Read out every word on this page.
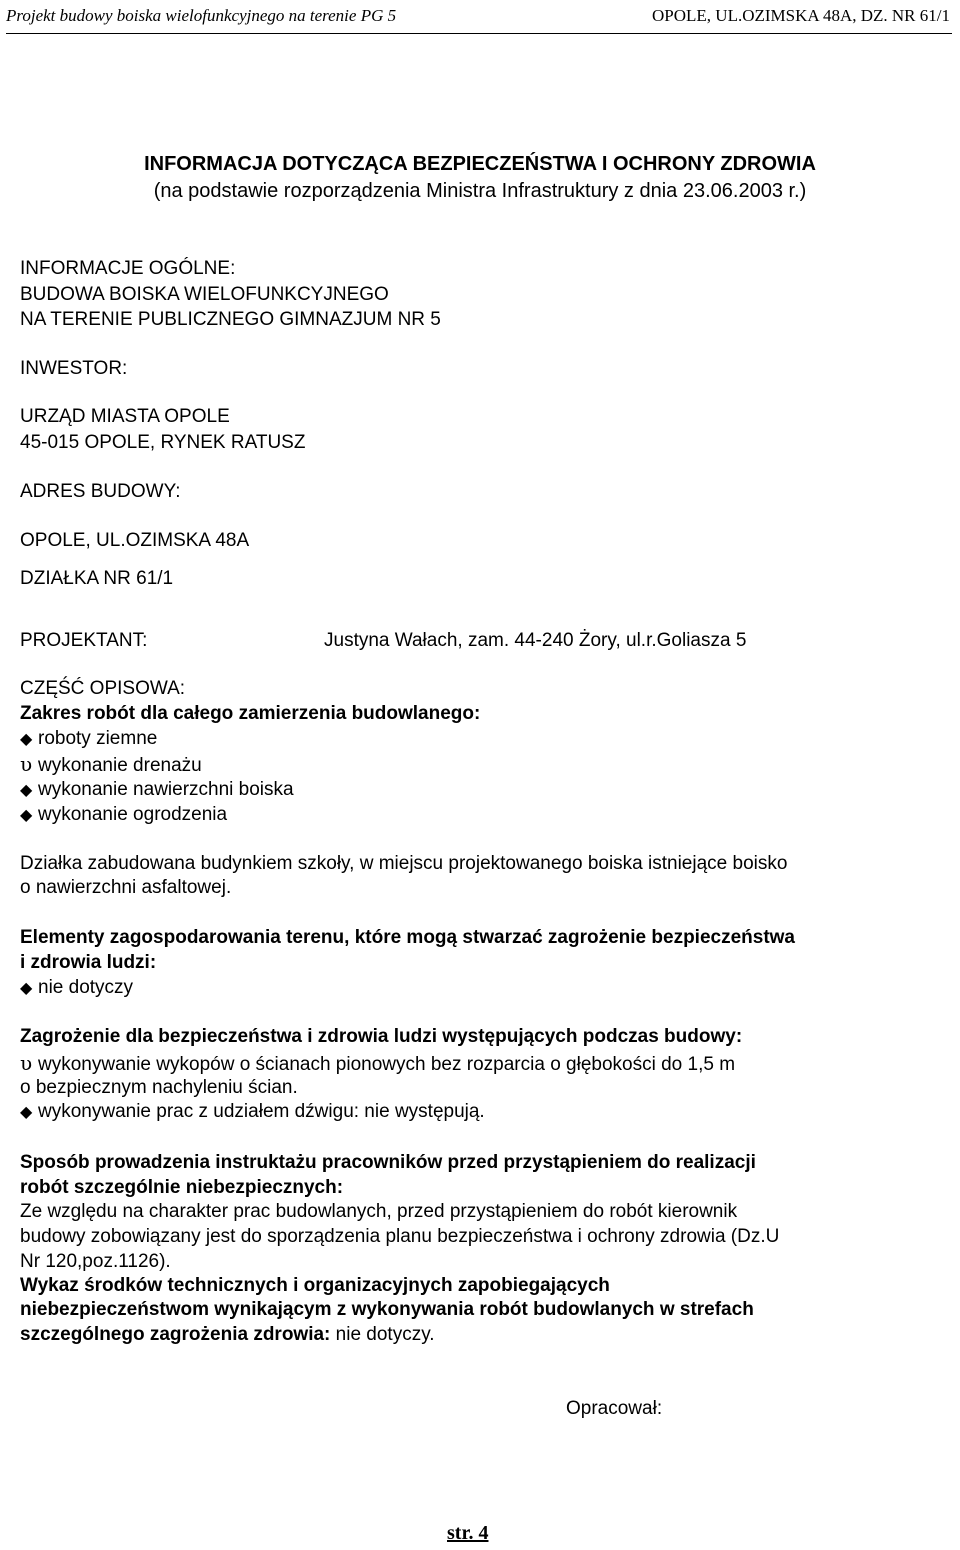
Projekt budowy boiska wielofunkcyjnego na terenie PG 5	OPOLE, UL.OZIMSKA 48A, DZ. NR 61/1
INFORMACJA DOTYCZĄCA BEZPIECZEŃSTWA I OCHRONY ZDROWIA
(na podstawie rozporządzenia Ministra Infrastruktury z dnia 23.06.2003 r.)
INFORMACJE OGÓLNE:
BUDOWA BOISKA WIELOFUNKCYJNEGO
NA TERENIE PUBLICZNEGO GIMNAZJUM NR 5
INWESTOR:
URZĄD MIASTA OPOLE
45-015 OPOLE, RYNEK RATUSZ
ADRES BUDOWY:
OPOLE, UL.OZIMSKA 48A
DZIAŁKA NR 61/1
PROJEKTANT:	Justyna Wałach, zam. 44-240 Żory, ul.r.Goliasza 5
CZĘŚĆ OPISOWA:
Zakres robót dla całego zamierzenia budowlanego:
◆ roboty ziemne
υ wykonanie drenażu
◆ wykonanie nawierzchni boiska
◆ wykonanie ogrodzenia
Działka zabudowana budynkiem szkoły, w miejscu projektowanego boiska istniejące boisko
o nawierzchni asfaltowej.
Elementy zagospodarowania terenu, które mogą stwarzać zagrożenie bezpieczeństwa
i zdrowia ludzi:
◆ nie dotyczy
Zagrożenie dla bezpieczeństwa i zdrowia ludzi występujących podczas budowy:
υ wykonywanie wykopów o ścianach pionowych bez rozparcia o głębokości do 1,5 m
o bezpiecznym nachyleniu ścian.
◆ wykonywanie prac z udziałem dźwigu: nie występują.
Sposób prowadzenia instruktażu pracowników przed przystąpieniem do realizacji
robót szczególnie niebezpiecznych:
Ze względu na charakter prac budowlanych, przed przystąpieniem do robót kierownik
budowy zobowiązany jest do sporządzenia planu bezpieczeństwa i ochrony zdrowia (Dz.U
Nr 120,poz.1126).
Wykaz środków technicznych i organizacyjnych zapobiegających
niebezpieczeństwom wynikającym z wykonywania robót budowlanych w strefach
szczególnego zagrożenia zdrowia: nie dotyczy.
Opracował:
str. 4
